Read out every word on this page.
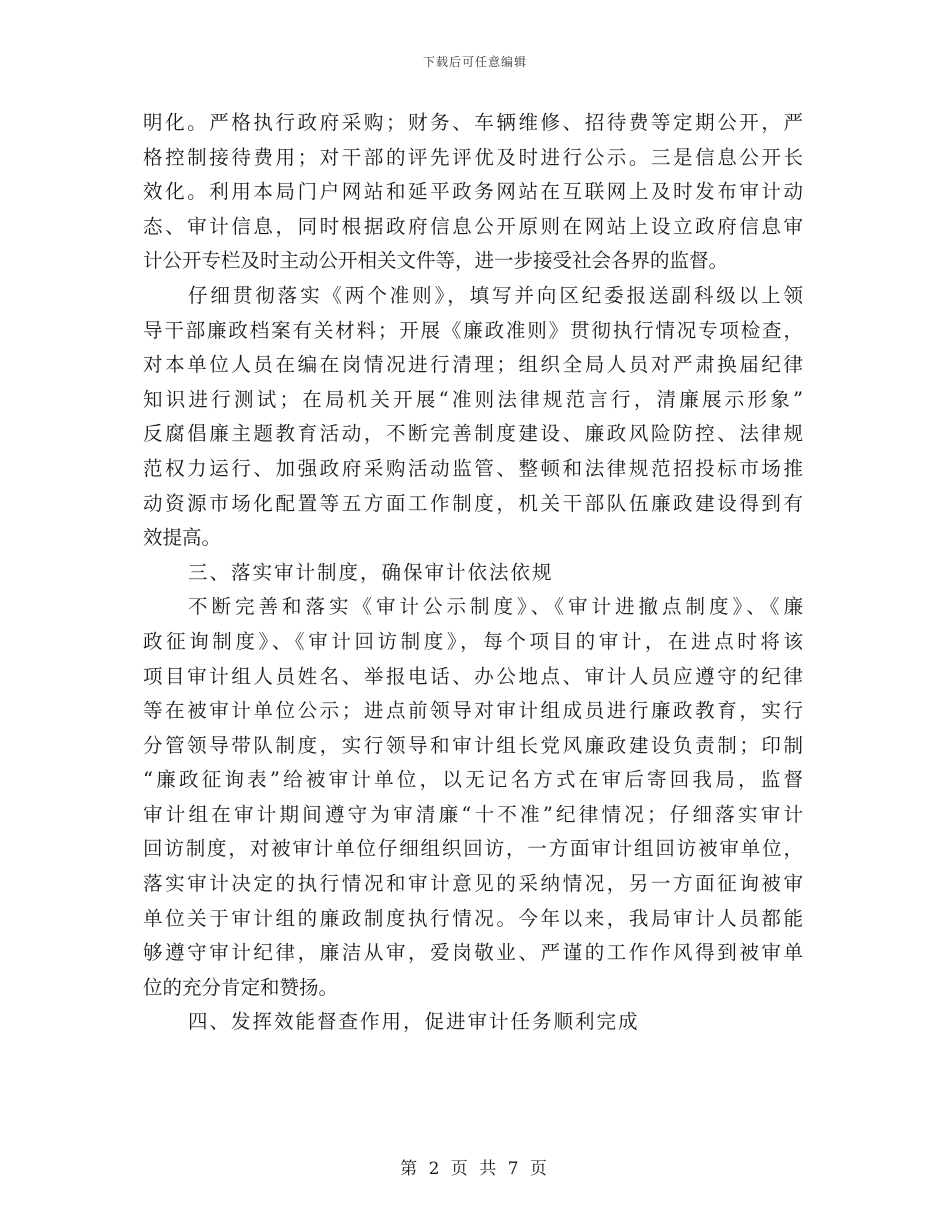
下载后可任意编辑
明化。严格执行政府采购；财务、车辆维修、招待费等定期公开，严
格控制接待费用；对干部的评先评优及时进行公示。三是信息公开长
效化。利用本局门户网站和延平政务网站在互联网上及时发布审计动
态、审计信息，同时根据政府信息公开原则在网站上设立政府信息审
计公开专栏及时主动公开相关文件等，进一步接受社会各界的监督。
仔细贯彻落实《两个准则》，填写并向区纪委报送副科级以上领
导干部廉政档案有关材料；开展《廉政准则》贯彻执行情况专项检查，
对本单位人员在编在岗情况进行清理；组织全局人员对严肃换届纪律
知识进行测试；在局机关开展“准则法律规范言行，清廉展示形象”
反腐倡廉主题教育活动，不断完善制度建设、廉政风险防控、法律规
范权力运行、加强政府采购活动监管、整顿和法律规范招投标市场推
动资源市场化配置等五方面工作制度，机关干部队伍廉政建设得到有
效提高。
三、落实审计制度，确保审计依法依规
不断完善和落实《审计公示制度》、《审计进撤点制度》、《廉
政征询制度》、《审计回访制度》，每个项目的审计，在进点时将该
项目审计组人员姓名、举报电话、办公地点、审计人员应遵守的纪律
等在被审计单位公示；进点前领导对审计组成员进行廉政教育，实行
分管领导带队制度，实行领导和审计组长党风廉政建设负责制；印制
“廉政征询表”给被审计单位，以无记名方式在审后寄回我局，监督
审计组在审计期间遵守为审清廉“十不准”纪律情况；仔细落实审计
回访制度，对被审计单位仔细组织回访，一方面审计组回访被审单位，
落实审计决定的执行情况和审计意见的采纳情况，另一方面征询被审
单位关于审计组的廉政制度执行情况。今年以来，我局审计人员都能
够遵守审计纪律，廉洁从审，爱岗敬业、严谨的工作作风得到被审单
位的充分肯定和赞扬。
四、发挥效能督查作用，促进审计任务顺利完成
第 2 页 共 7 页
